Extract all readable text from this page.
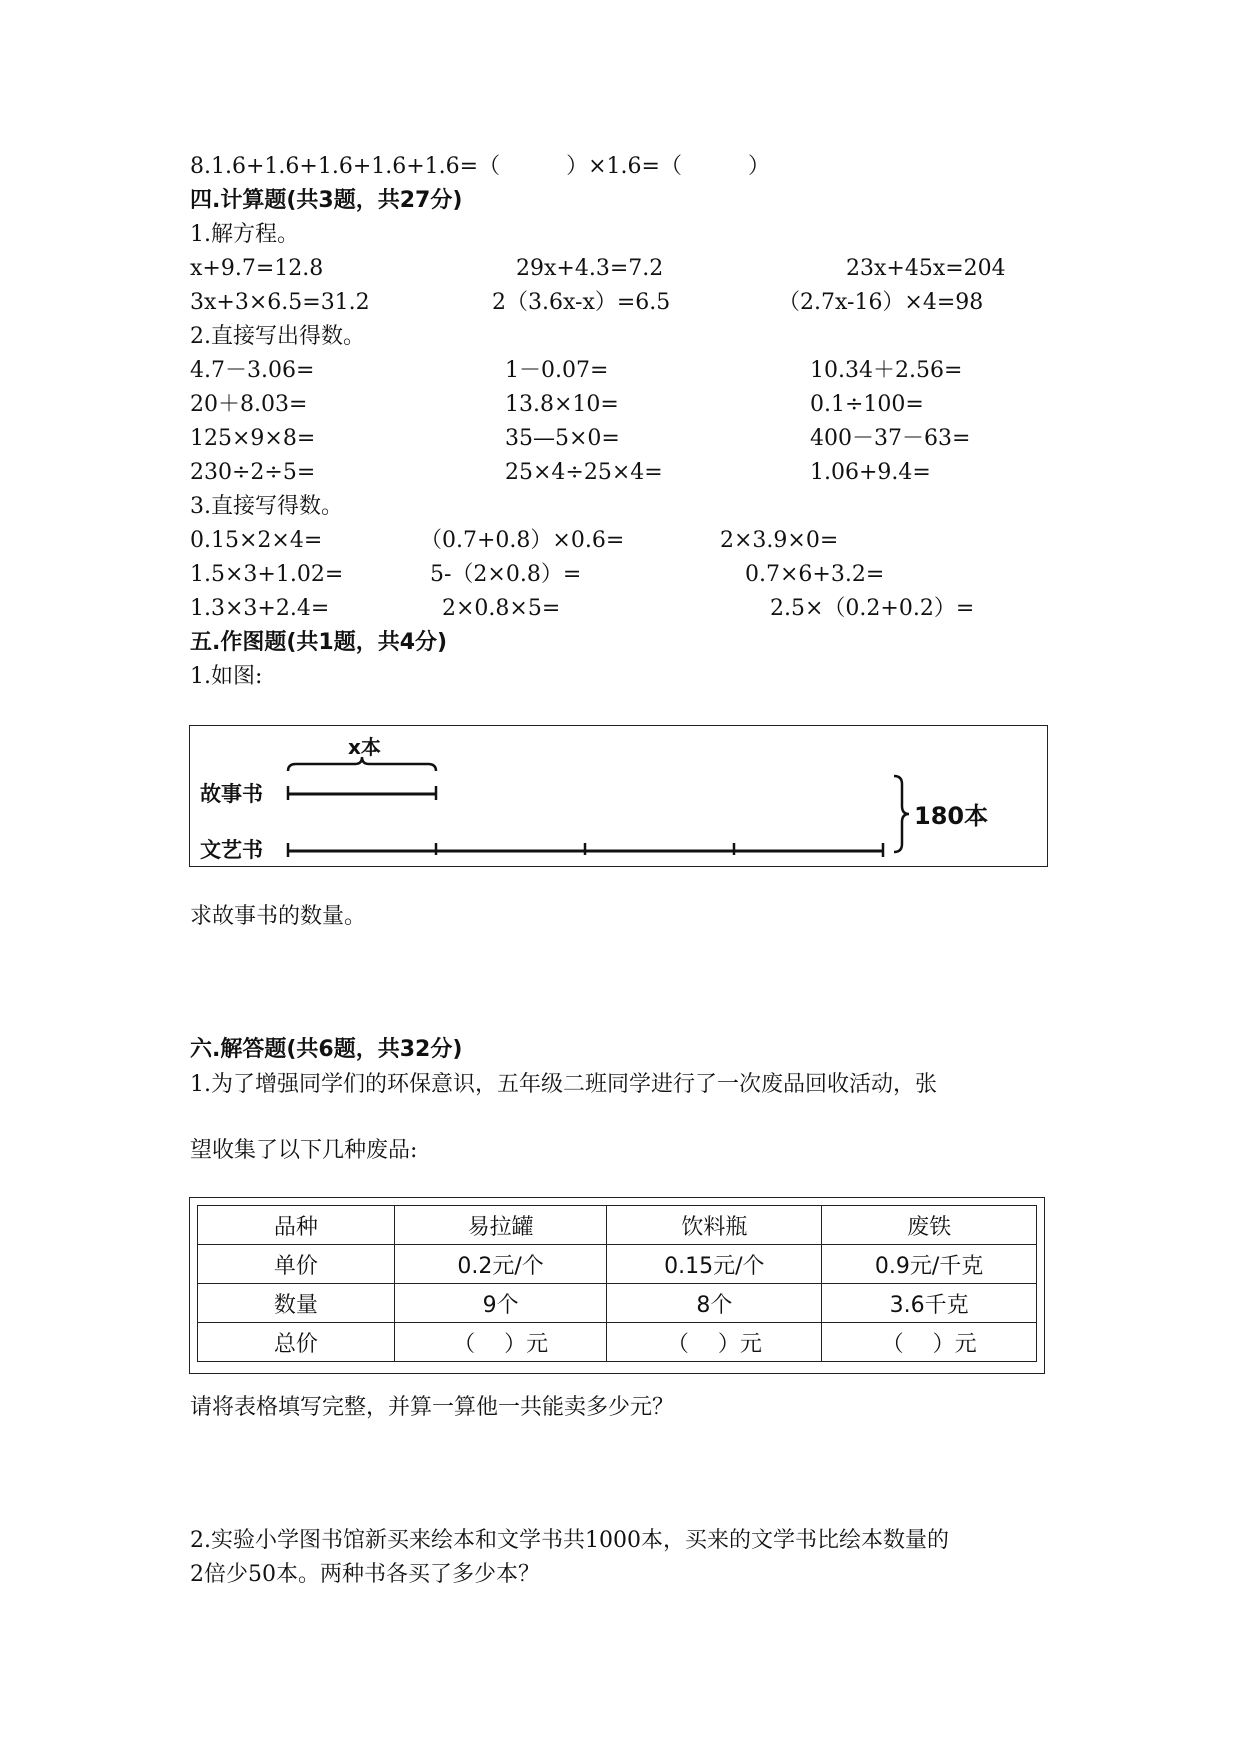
8.1.6+1.6+1.6+1.6+1.6=（　　　）×1.6=（　　　）
四.计算题(共3题，共27分)
1.解方程。
x+9.7=12.8	29x+4.3=7.2	23x+45x=204
3x+3×6.5=31.2	2（3.6x-x）=6.5	（2.7x-16）×4=98
2.直接写出得数。
4.7－3.06=	1－0.07=	10.34＋2.56=
20＋8.03=	13.8×10=	0.1÷100=
125×9×8=	35—5×0=	400－37－63=
230÷2÷5=	25×4÷25×4=	1.06+9.4=
3.直接写得数。
0.15×2×4=	（0.7+0.8）×0.6=	2×3.9×0=
1.5×3+1.02=	5-（2×0.8）=	0.7×6+3.2=
1.3×3+2.4=	2×0.8×5=	2.5×（0.2+0.2）=
五.作图题(共1题，共4分)
1.如图:
x本
故事书
文艺书
180本
求故事书的数量。
六.解答题(共6题，共32分)
1.为了增强同学们的环保意识，五年级二班同学进行了一次废品回收活动，张
望收集了以下几种废品:
品种	易拉罐	饮料瓶	废铁
单价	0.2元/个	0.15元/个	0.9元/千克
数量	9个	8个	3.6千克
总价	（　 ）元	（　 ）元	（　 ）元
请将表格填写完整，并算一算他一共能卖多少元？
2.实验小学图书馆新买来绘本和文学书共1000本，买来的文学书比绘本数量的
2倍少50本。两种书各买了多少本？
